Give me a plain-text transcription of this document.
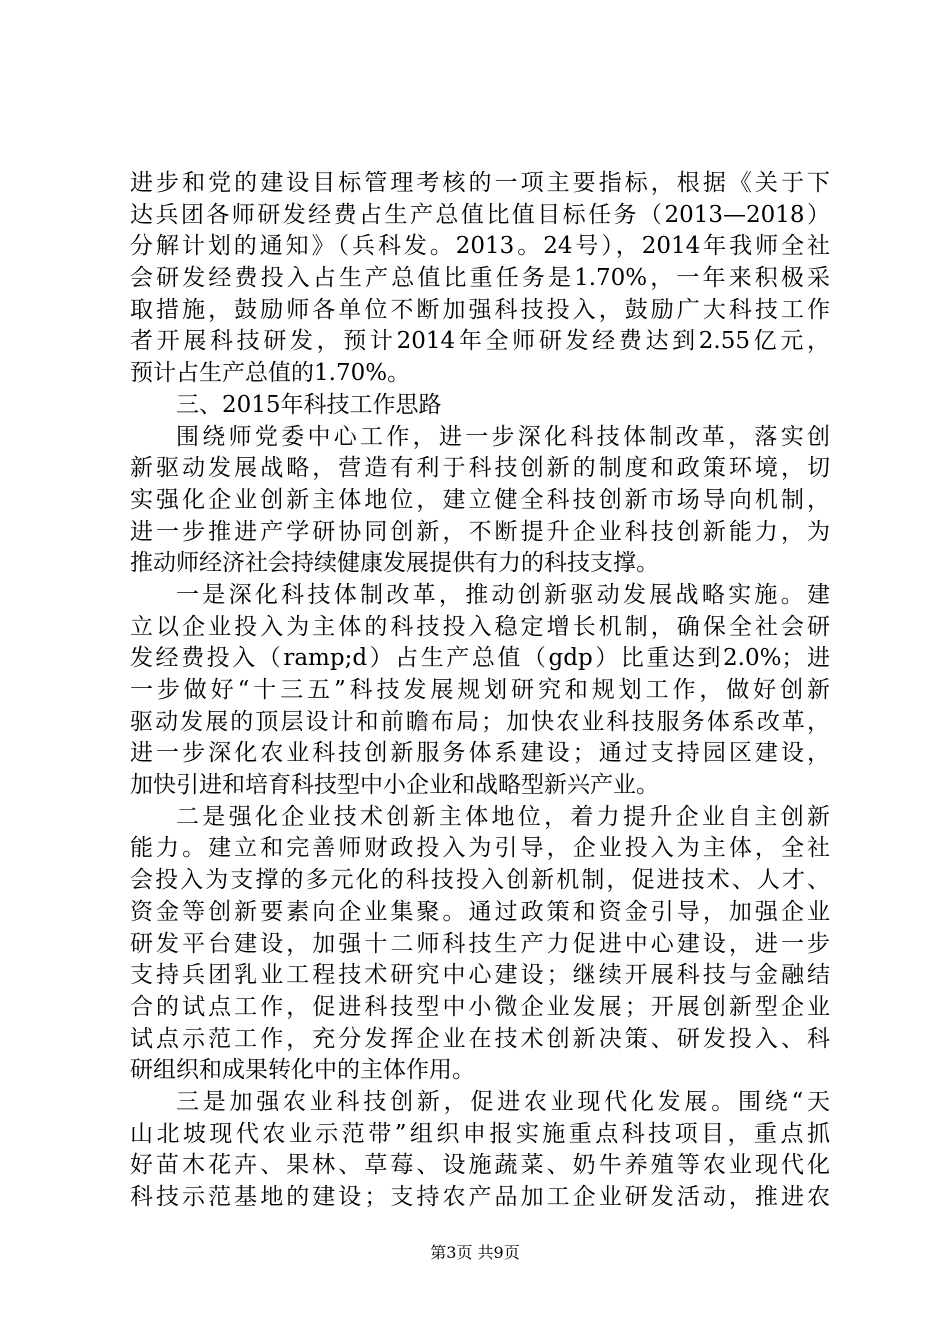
进步和党的建设目标管理考核的一项主要指标，根据《关于下
达兵团各师研发经费占生产总值比值目标任务（2013—2018）
分解计划的通知》（兵科发。2013。24号），2014年我师全社
会研发经费投入占生产总值比重任务是1.70%，一年来积极采
取措施，鼓励师各单位不断加强科技投入，鼓励广大科技工作
者开展科技研发，预计2014年全师研发经费达到2.55亿元，
预计占生产总值的1.70%。
三、2015年科技工作思路
围绕师党委中心工作，进一步深化科技体制改革，落实创
新驱动发展战略，营造有利于科技创新的制度和政策环境，切
实强化企业创新主体地位，建立健全科技创新市场导向机制，
进一步推进产学研协同创新，不断提升企业科技创新能力，为
推动师经济社会持续健康发展提供有力的科技支撑。
一是深化科技体制改革，推动创新驱动发展战略实施。建
立以企业投入为主体的科技投入稳定增长机制，确保全社会研
发经费投入（ramp;d）占生产总值（gdp）比重达到2.0%；进
一步做好“十三五”科技发展规划研究和规划工作，做好创新
驱动发展的顶层设计和前瞻布局；加快农业科技服务体系改革，
进一步深化农业科技创新服务体系建设；通过支持园区建设，
加快引进和培育科技型中小企业和战略型新兴产业。
二是强化企业技术创新主体地位，着力提升企业自主创新
能力。建立和完善师财政投入为引导，企业投入为主体，全社
会投入为支撑的多元化的科技投入创新机制，促进技术、人才、
资金等创新要素向企业集聚。通过政策和资金引导，加强企业
研发平台建设，加强十二师科技生产力促进中心建设，进一步
支持兵团乳业工程技术研究中心建设；继续开展科技与金融结
合的试点工作，促进科技型中小微企业发展；开展创新型企业
试点示范工作，充分发挥企业在技术创新决策、研发投入、科
研组织和成果转化中的主体作用。
三是加强农业科技创新，促进农业现代化发展。围绕“天
山北坡现代农业示范带”组织申报实施重点科技项目，重点抓
好苗木花卉、果林、草莓、设施蔬菜、奶牛养殖等农业现代化
科技示范基地的建设；支持农产品加工企业研发活动，推进农
第3页 共9页
